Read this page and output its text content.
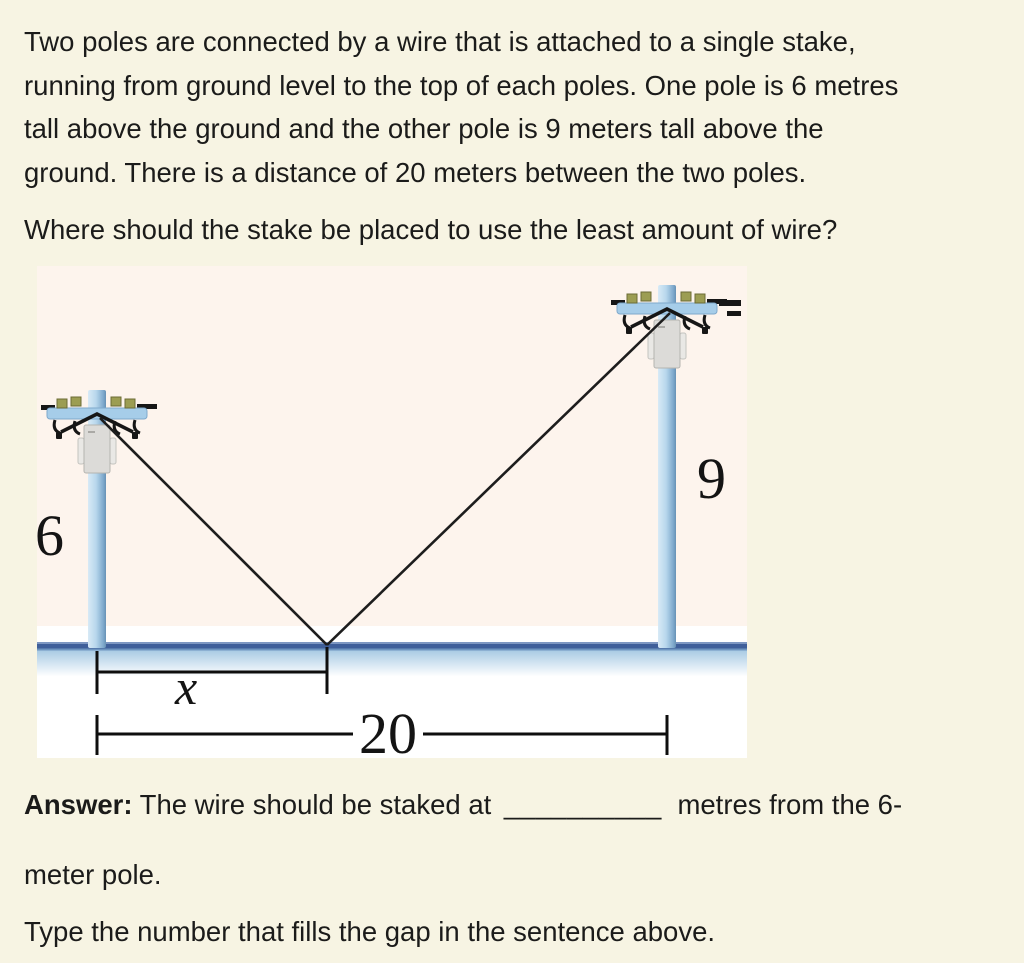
Two poles are connected by a wire that is attached to a single stake,
running from ground level to the top of each poles. One pole is 6 metres
tall above the ground and the other pole is 9 meters tall above the
ground. There is a distance of 20 meters between the two poles.
Where should the stake be placed to use the least amount of wire?
6
9
x
20
Answer: The wire should be staked at __________ metres from the 6-
meter pole.
Type the number that fills the gap in the sentence above.
